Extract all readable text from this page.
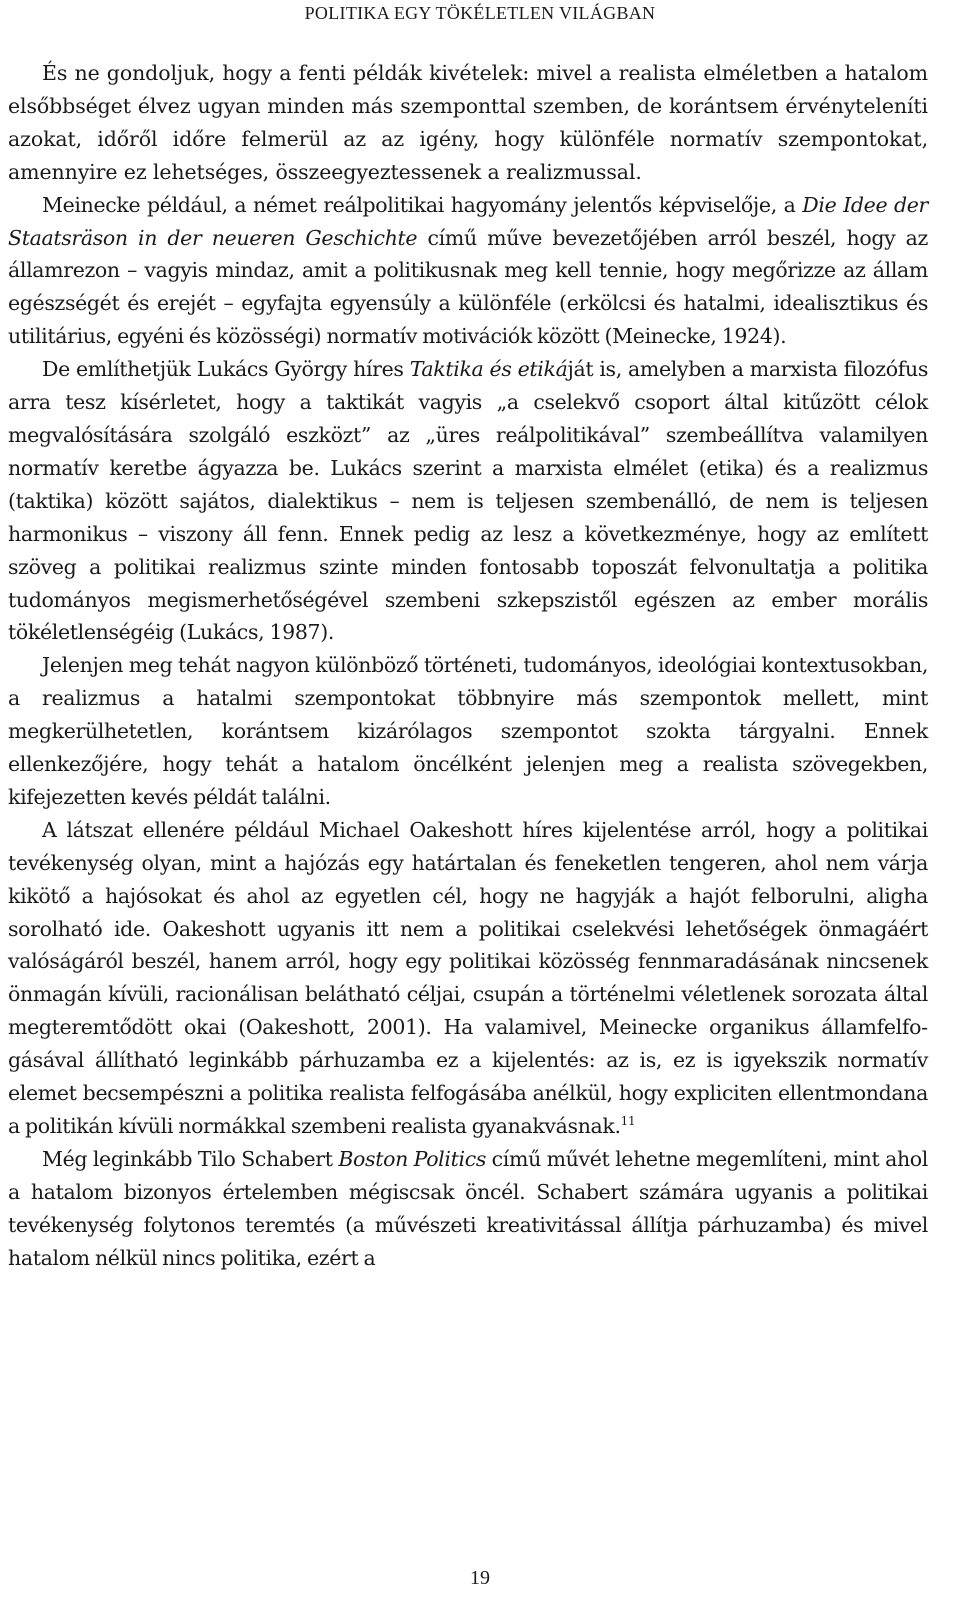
POLITIKA EGY TÖKÉLETLEN VILÁGBAN

És ne gondoljuk, hogy a fenti példák kivételek: mivel a realista elméletben a hatalom elsőbbséget élvez ugyan minden más szemponttal szemben, de korántsem érvényteleníti azokat, időről időre felmerül az az igény, hogy különféle normatív szempontokat, amennyire ez lehetséges, összeegyeztessenek a realizmussal.

Meinecke például, a német reálpolitikai hagyomány jelentős képviselője, a Die Idee der Staatsräson in der neueren Geschichte című műve bevezetőjében arról beszél, hogy az államrezon – vagyis mindaz, amit a politikusnak meg kell tennie, hogy megőrizze az állam egészségét és erejét – egyfajta egyensúly a különféle (erkölcsi és hatalmi, idealisztikus és utilitárius, egyéni és közösségi) normatív motivációk között (Meinecke, 1924).

De említhetjük Lukács György híres Taktika és etikáját is, amelyben a marxista filozófus arra tesz kísérletet, hogy a taktikát vagyis „a cselekvő csoport által kitűzött célok megvalósítására szolgáló eszközt” az „üres reálpolitikával” szembeállítva valamilyen normatív keretbe ágyazza be. Lukács szerint a marxista elmélet (etika) és a realizmus (taktika) között sajátos, dialektikus – nem is teljesen szembenálló, de nem is teljesen harmonikus – viszony áll fenn. Ennek pedig az lesz a következménye, hogy az említett szöveg a politikai realizmus szinte minden fontosabb toposzát felvonultatja a politika tudományos megismerhetőségével szembeni szkepszistől egészen az ember morális tökéletlenségéig (Lukács, 1987).

Jelenjen meg tehát nagyon különböző történeti, tudományos, ideológiai kontextusokban, a realizmus a hatalmi szempontokat többnyire más szempontok mellett, mint megkerülhetetlen, korántsem kizárólagos szempontot szokta tárgyalni. Ennek ellenkezőjére, hogy tehát a hatalom öncélként jelenjen meg a realista szövegekben, kifejezetten kevés példát találni.

A látszat ellenére például Michael Oakeshott híres kijelentése arról, hogy a politikai tevékenység olyan, mint a hajózás egy határtalan és feneketlen tengeren, ahol nem várja kikötő a hajósokat és ahol az egyetlen cél, hogy ne hagyják a hajót felborulni, aligha sorolható ide. Oakeshott ugyanis itt nem a politikai cselekvési lehetőségek önmagáért valóságáról beszél, hanem arról, hogy egy politikai közösség fennmaradásának nincsenek önmagán kívüli, racionálisan belátható céljai, csupán a történelmi véletlenek sorozata által megteremtődött okai (Oakeshott, 2001). Ha valamivel, Meinecke organikus államfelfogásával állítható leginkább párhuzamba ez a kijelentés: az is, ez is igyekszik normatív elemet becsempészni a politika realista felfogásába anélkül, hogy expliciten ellentmondana a politikán kívüli normákkal szembeni realista gyanakvásnak.$^{11}$

Még leginkább Tilo Schabert Boston Politics című művét lehetne megemlíteni, mint ahol a hatalom bizonyos értelemben mégiscsak öncél. Schabert számára ugyanis a politikai tevékenység folytonos teremtés (a művészeti kreativitással állítja párhuzamba) és mivel hatalom nélkül nincs politika, ezért a

19
